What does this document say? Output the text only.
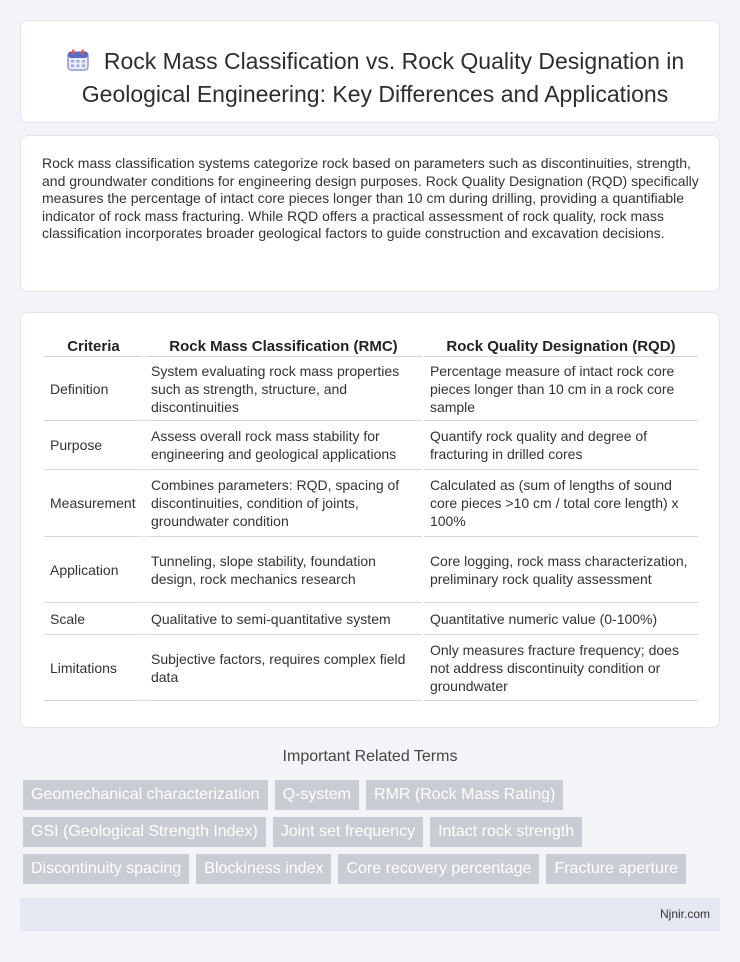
Rock Mass Classification vs. Rock Quality Designation in Geological Engineering: Key Differences and Applications

Rock mass classification systems categorize rock based on parameters such as discontinuities, strength, and groundwater conditions for engineering design purposes. Rock Quality Designation (RQD) specifically measures the percentage of intact core pieces longer than 10 cm during drilling, providing a quantifiable indicator of rock mass fracturing. While RQD offers a practical assessment of rock quality, rock mass classification incorporates broader geological factors to guide construction and excavation decisions.

Criteria	Rock Mass Classification (RMC)	Rock Quality Designation (RQD)
Definition	System evaluating rock mass properties such as strength, structure, and discontinuities	Percentage measure of intact rock core pieces longer than 10 cm in a rock core sample
Purpose	Assess overall rock mass stability for engineering and geological applications	Quantify rock quality and degree of fracturing in drilled cores
Measurement	Combines parameters: RQD, spacing of discontinuities, condition of joints, groundwater condition	Calculated as (sum of lengths of sound core pieces >10 cm / total core length) x 100%
Application	Tunneling, slope stability, foundation design, rock mechanics research	Core logging, rock mass characterization, preliminary rock quality assessment
Scale	Qualitative to semi-quantitative system	Quantitative numeric value (0-100%)
Limitations	Subjective factors, requires complex field data	Only measures fracture frequency; does not address discontinuity condition or groundwater
Important Related Terms
Geomechanical characterization	Q-system	RMR (Rock Mass Rating)
GSI (Geological Strength Index)	Joint set frequency	Intact rock strength
Discontinuity spacing	Blockiness index	Core recovery percentage	Fracture aperture
Njnir.com
